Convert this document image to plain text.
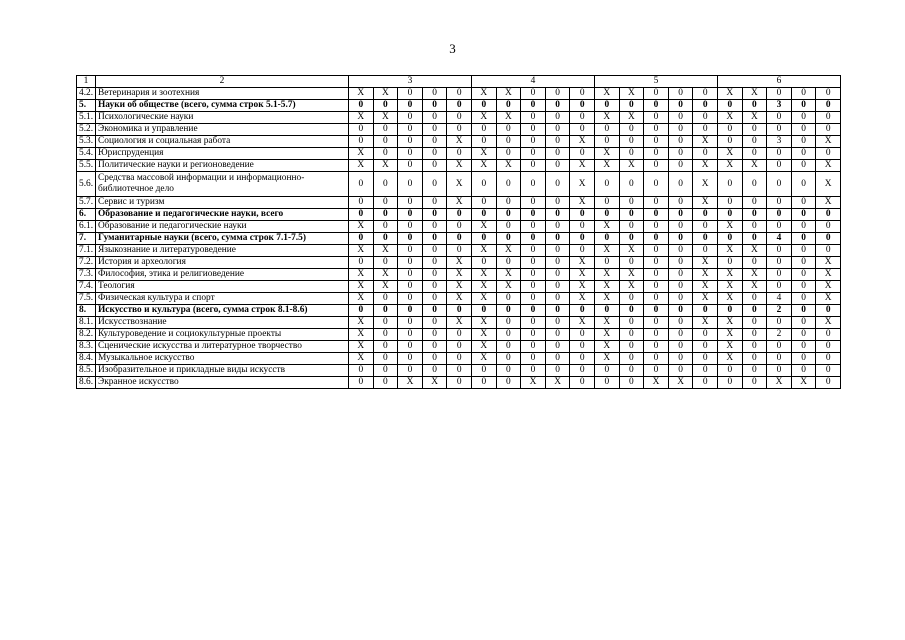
3
1	2	3					4					5					6				
4.2.	Ветеринария и зоотехния	X	X	0	0	0	X	X	0	0	0	X	X	0	0	0	X	X	0	0	0
5.	Науки об обществе (всего, сумма строк 5.1-5.7)	0	0	0	0	0	0	0	0	0	0	0	0	0	0	0	0	0	3	0	0
5.1.	Психологические науки	X	X	0	0	0	X	X	0	0	0	X	X	0	0	0	X	X	0	0	0
5.2.	Экономика и управление	0	0	0	0	0	0	0	0	0	0	0	0	0	0	0	0	0	0	0	0
5.3.	Социология и социальная работа	0	0	0	0	X	0	0	0	0	X	0	0	0	0	X	0	0	3	0	X
5.4.	Юриспруденция	X	0	0	0	0	X	0	0	0	0	X	0	0	0	0	X	0	0	0	0
5.5.	Политические науки и регионоведение	X	X	0	0	X	X	X	0	0	X	X	X	0	0	X	X	X	0	0	X
5.6.	Средства массовой информации и информационно-библиотечное дело	0	0	0	0	X	0	0	0	0	X	0	0	0	0	X	0	0	0	0	X
5.7.	Сервис и туризм	0	0	0	0	X	0	0	0	0	X	0	0	0	0	X	0	0	0	0	X
6.	Образование и педагогические науки, всего	0	0	0	0	0	0	0	0	0	0	0	0	0	0	0	0	0	0	0	0
6.1.	Образование и педагогические науки	X	0	0	0	0	X	0	0	0	0	X	0	0	0	0	X	0	0	0	0
7.	Гуманитарные науки (всего, сумма строк 7.1-7.5)	0	0	0	0	0	0	0	0	0	0	0	0	0	0	0	0	0	4	0	0
7.1.	Языкознание и литературоведение	X	X	0	0	0	X	X	0	0	0	X	X	0	0	0	X	X	0	0	0
7.2.	История и археология	0	0	0	0	X	0	0	0	0	X	0	0	0	0	X	0	0	0	0	X
7.3.	Философия, этика и религиоведение	X	X	0	0	X	X	X	0	0	X	X	X	0	0	X	X	X	0	0	X
7.4.	Теология	X	X	0	0	X	X	X	0	0	X	X	X	0	0	X	X	X	0	0	X
7.5.	Физическая культура и спорт	X	0	0	0	X	X	0	0	0	X	X	0	0	0	X	X	0	4	0	X
8.	Искусство и культура (всего, сумма строк 8.1-8.6)	0	0	0	0	0	0	0	0	0	0	0	0	0	0	0	0	0	2	0	0
8.1.	Искусствознание	X	0	0	0	X	X	0	0	0	X	X	0	0	0	X	X	0	0	0	X
8.2.	Культуроведение и социокультурные проекты	X	0	0	0	0	X	0	0	0	0	X	0	0	0	0	X	0	2	0	0
8.3.	Сценические искусства и литературное творчество	X	0	0	0	0	X	0	0	0	0	X	0	0	0	0	X	0	0	0	0
8.4.	Музыкальное искусство	X	0	0	0	0	X	0	0	0	0	X	0	0	0	0	X	0	0	0	0
8.5.	Изобразительное и прикладные виды искусств	0	0	0	0	0	0	0	0	0	0	0	0	0	0	0	0	0	0	0	0
8.6.	Экранное искусство	0	0	X	X	0	0	0	X	X	0	0	0	X	X	0	0	0	X	X	0
